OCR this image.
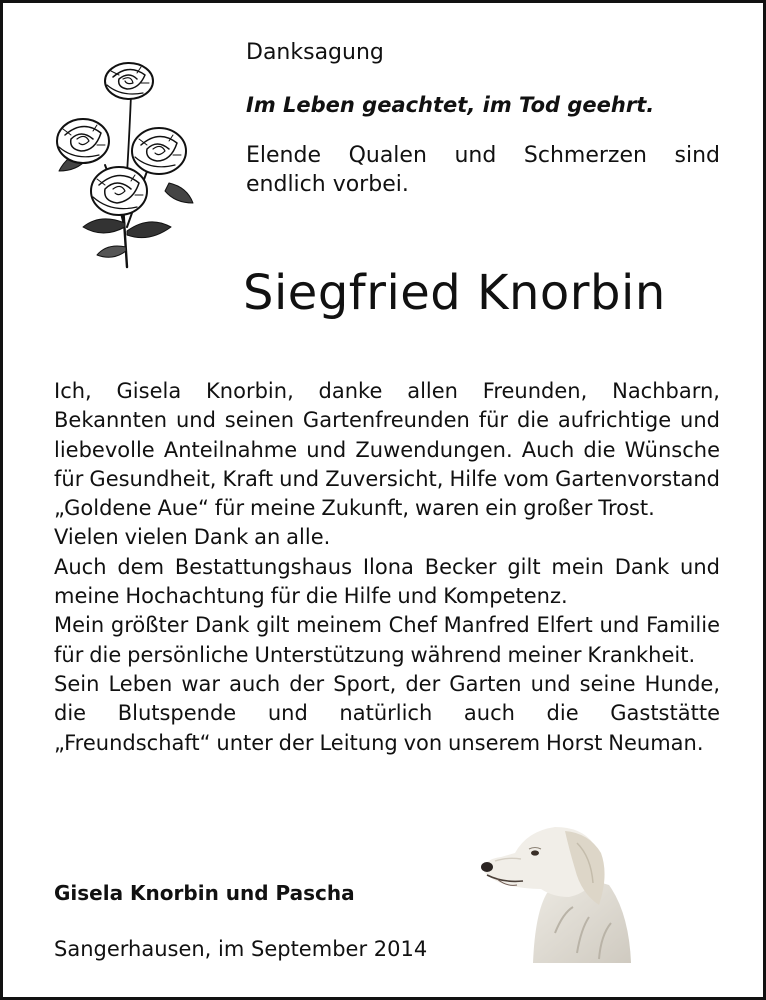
Danksagung

Im Leben geachtet, im Tod geehrt.

Elende Qualen und Schmerzen sind endlich vorbei.

Siegfried Knorbin

Ich, Gisela Knorbin, danke allen Freunden, Nachbarn, Bekannten und seinen Gartenfreunden für die aufrichtige und liebevolle Anteilnahme und Zuwendungen. Auch die Wünsche für Gesundheit, Kraft und Zuversicht, Hilfe vom Gartenvorstand „Goldene Aue“ für meine Zukunft, waren ein großer Trost.

Vielen vielen Dank an alle.

Auch dem Bestattungshaus Ilona Becker gilt mein Dank und meine Hochachtung für die Hilfe und Kompetenz.

Mein größter Dank gilt meinem Chef Manfred Elfert und Familie für die persönliche Unterstützung während meiner Krankheit.

Sein Leben war auch der Sport, der Garten und seine Hunde, die Blutspende und natürlich auch die Gaststätte „Freundschaft“ unter der Leitung von unserem Horst Neuman.

Gisela Knorbin und Pascha

Sangerhausen, im September 2014
